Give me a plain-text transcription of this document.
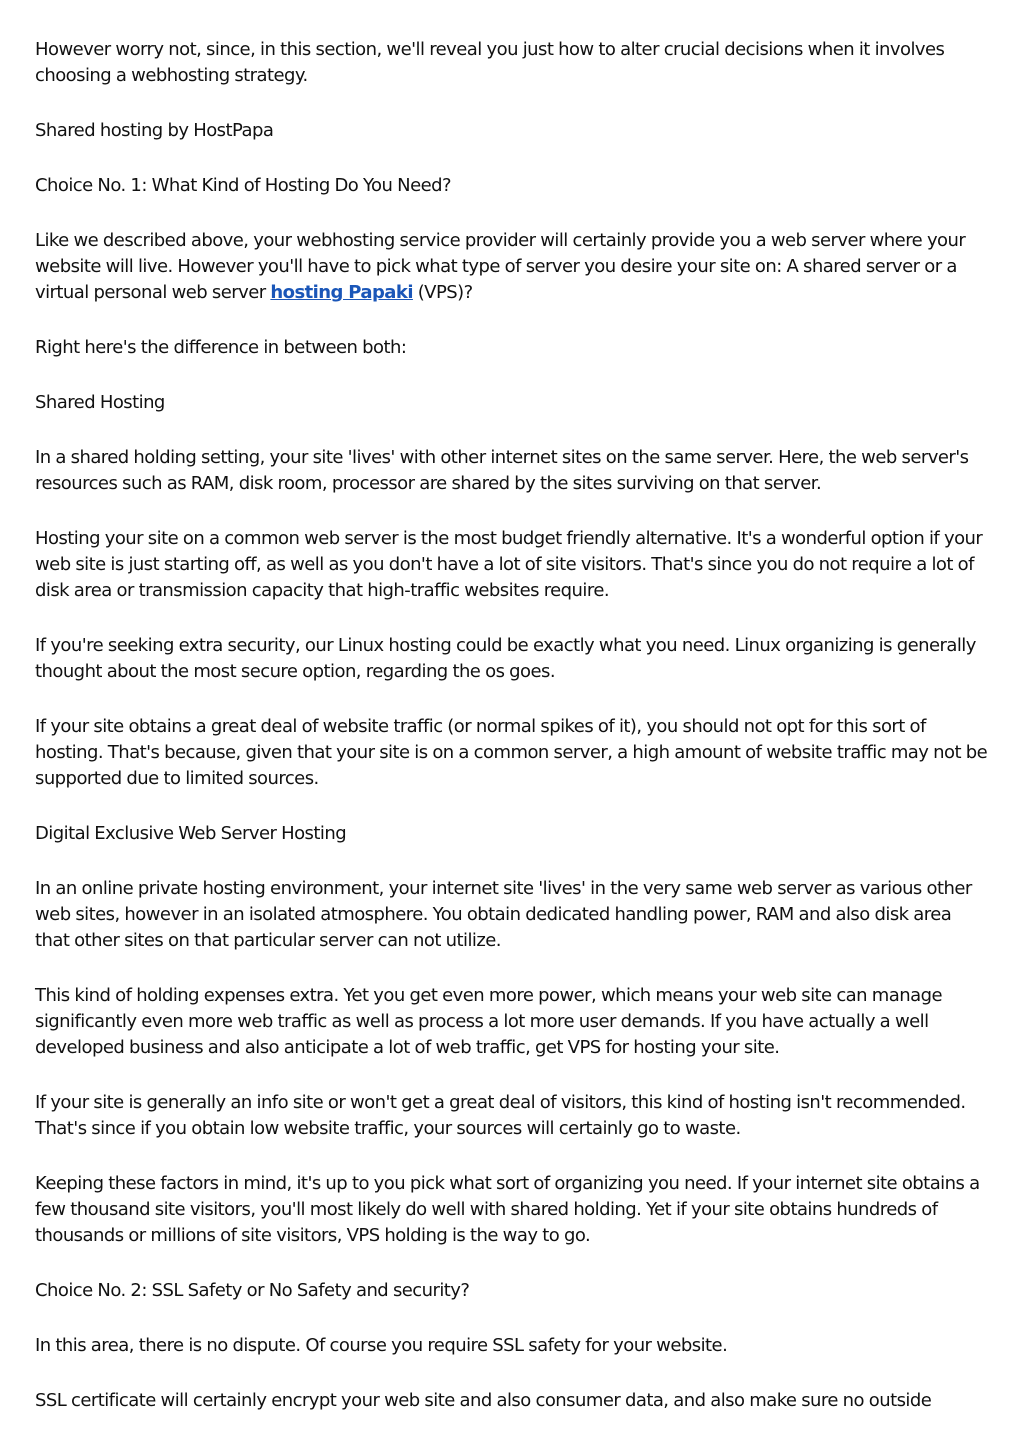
However worry not, since, in this section, we'll reveal you just how to alter crucial decisions when it involves choosing a webhosting strategy.

Shared hosting by HostPapa

Choice No. 1: What Kind of Hosting Do You Need?

Like we described above, your webhosting service provider will certainly provide you a web server where your website will live. However you'll have to pick what type of server you desire your site on: A shared server or a virtual personal web server hosting Papaki (VPS)?

Right here's the difference in between both:

Shared Hosting

In a shared holding setting, your site 'lives' with other internet sites on the same server. Here, the web server's resources such as RAM, disk room, processor are shared by the sites surviving on that server.

Hosting your site on a common web server is the most budget friendly alternative. It's a wonderful option if your web site is just starting off, as well as you don't have a lot of site visitors. That's since you do not require a lot of disk area or transmission capacity that high-traffic websites require.

If you're seeking extra security, our Linux hosting could be exactly what you need. Linux organizing is generally thought about the most secure option, regarding the os goes.

If your site obtains a great deal of website traffic (or normal spikes of it), you should not opt for this sort of hosting. That's because, given that your site is on a common server, a high amount of website traffic may not be supported due to limited sources.

Digital Exclusive Web Server Hosting

In an online private hosting environment, your internet site 'lives' in the very same web server as various other web sites, however in an isolated atmosphere. You obtain dedicated handling power, RAM and also disk area that other sites on that particular server can not utilize.

This kind of holding expenses extra. Yet you get even more power, which means your web site can manage significantly even more web traffic as well as process a lot more user demands. If you have actually a well developed business and also anticipate a lot of web traffic, get VPS for hosting your site.

If your site is generally an info site or won't get a great deal of visitors, this kind of hosting isn't recommended. That's since if you obtain low website traffic, your sources will certainly go to waste.

Keeping these factors in mind, it's up to you pick what sort of organizing you need. If your internet site obtains a few thousand site visitors, you'll most likely do well with shared holding. Yet if your site obtains hundreds of thousands or millions of site visitors, VPS holding is the way to go.

Choice No. 2: SSL Safety or No Safety and security?

In this area, there is no dispute. Of course you require SSL safety for your website.

SSL certificate will certainly encrypt your web site and also consumer data, and also make sure no outside
